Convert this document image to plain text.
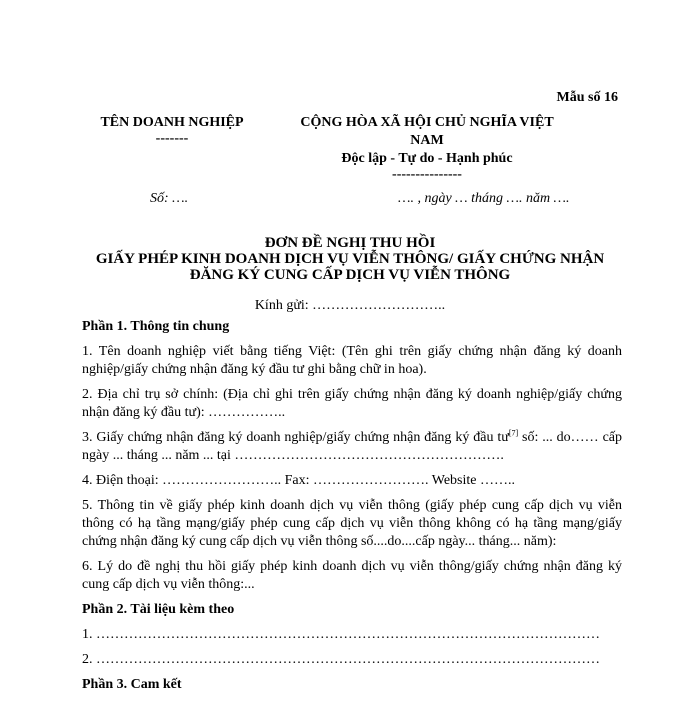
Mẫu số 16
TÊN DOANH NGHIỆP
-------
CỘNG HÒA XÃ HỘI CHỦ NGHĨA VIỆT
NAM
Độc lập - Tự do - Hạnh phúc
---------------
Số: ….	…. , ngày … tháng …. năm ….
ĐƠN ĐỀ NGHỊ THU HỒI
GIẤY PHÉP KINH DOANH DỊCH VỤ VIỄN THÔNG/ GIẤY CHỨNG NHẬN
ĐĂNG KÝ CUNG CẤP DỊCH VỤ VIỄN THÔNG
Kính gửi: ………………………..
Phần 1. Thông tin chung
1. Tên doanh nghiệp viết bằng tiếng Việt: (Tên ghi trên giấy chứng nhận đăng ký doanh nghiệp/giấy chứng nhận đăng ký đầu tư ghi bằng chữ in hoa).
2. Địa chỉ trụ sở chính: (Địa chỉ ghi trên giấy chứng nhận đăng ký doanh nghiệp/giấy chứng nhận đăng ký đầu tư): ……………..
3. Giấy chứng nhận đăng ký doanh nghiệp/giấy chứng nhận đăng ký đầu tư[7] số: ... do…… cấp ngày ... tháng ... năm ... tại ………………………………………………….
4. Điện thoại: …………………….. Fax: ……………………. Website ……..
5. Thông tin về giấy phép kinh doanh dịch vụ viễn thông (giấy phép cung cấp dịch vụ viễn thông có hạ tầng mạng/giấy phép cung cấp dịch vụ viễn thông không có hạ tầng mạng/giấy chứng nhận đăng ký cung cấp dịch vụ viễn thông số....do....cấp ngày... tháng... năm):
6. Lý do đề nghị thu hồi giấy phép kinh doanh dịch vụ viễn thông/giấy chứng nhận đăng ký cung cấp dịch vụ viễn thông:...
Phần 2. Tài liệu kèm theo
1. ………………………………………………………………………………………………
2. ………………………………………………………………………………………………
Phần 3. Cam kết
